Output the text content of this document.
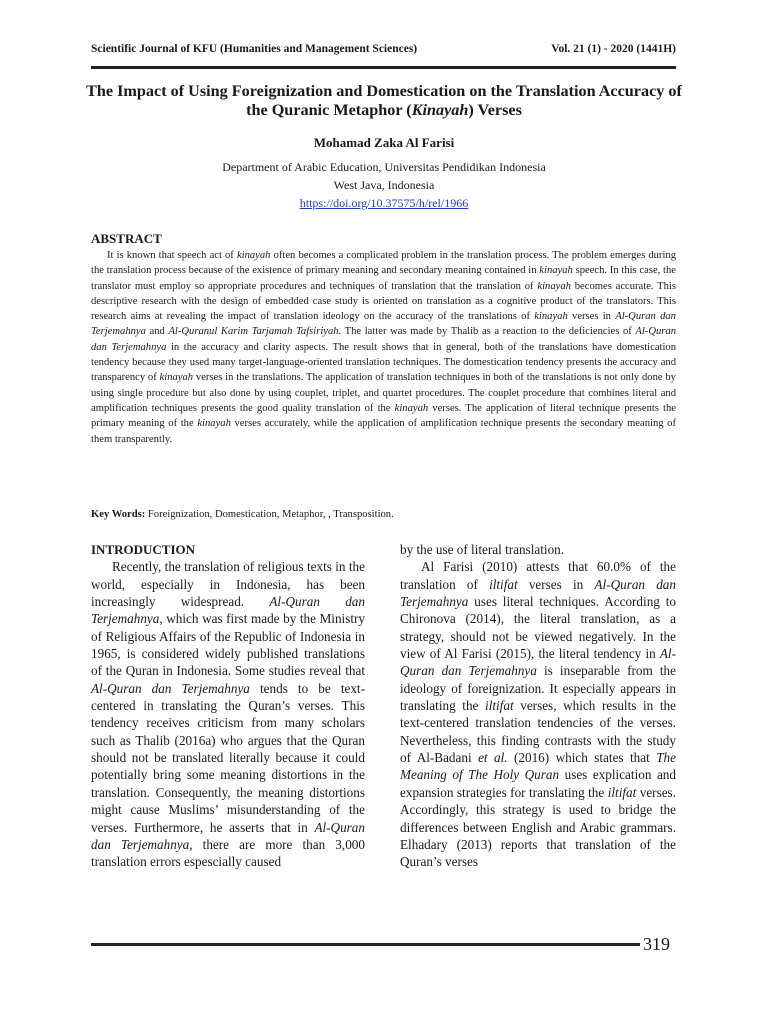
Scientific Journal of KFU (Humanities and Management Sciences)	Vol. 21 (1) - 2020 (1441H)
The Impact of Using Foreignization and Domestication on the Translation Accuracy of the Quranic Metaphor (Kinayah) Verses
Mohamad Zaka Al Farisi
Department of Arabic Education, Universitas Pendidikan Indonesia
West Java, Indonesia
https://doi.org/10.37575/h/rel/1966
ABSTRACT

It is known that speech act of kinayah often becomes a complicated problem in the translation process. The problem emerges during the translation process because of the existence of primary meaning and secondary meaning contained in kinayah speech. In this case, the translator must employ so appropriate procedures and techniques of translation that the translation of kinayah becomes accurate. This descriptive research with the design of embedded case study is oriented on translation as a cognitive product of the translators. This research aims at revealing the impact of translation ideology on the accuracy of the translations of kinayah verses in Al-Quran dan Terjemahnya and Al-Quranul Karim Tarjamah Tafsiriyah. The latter was made by Thalib as a reaction to the deficiencies of Al-Quran dan Terjemahnya in the accuracy and clarity aspects. The result shows that in general, both of the translations have domestication tendency because they used many target-language-oriented translation techniques. The domestication tendency presents the accuracy and transparency of kinayah verses in the translations. The application of translation techniques in both of the translations is not only done by using single procedure but also done by using couplet, triplet, and quartet procedures. The couplet procedure that combines literal and amplification techniques presents the good quality translation of the kinayah verses. The application of literal technique presents the primary meaning of the kinayah verses accurately, while the application of amplification technique presents the secondary meaning of them transparently.

Key Words: Foreignization, Domestication, Metaphor, , Transposition.
INTRODUCTION

Recently, the translation of religious texts in the world, especially in Indonesia, has been increasingly widespread. Al-Quran dan Terjemahnya, which was first made by the Ministry of Religious Affairs of the Republic of Indonesia in 1965, is considered widely published translations of the Quran in Indonesia. Some studies reveal that Al-Quran dan Terjemahnya tends to be text-centered in translating the Quran’s verses. This tendency receives criticism from many scholars such as Thalib (2016a) who argues that the Quran should not be translated literally because it could potentially bring some meaning distortions in the translation. Consequently, the meaning distortions might cause Muslims’ misunderstanding of the verses. Furthermore, he asserts that in Al-Quran dan Terjemahnya, there are more than 3,000 translation errors espescially caused

by the use of literal translation.

Al Farisi (2010) attests that 60.0% of the translation of iltifat verses in Al-Quran dan Terjemahnya uses literal techniques. According to Chironova (2014), the literal translation, as a strategy, should not be viewed negatively. In the view of Al Farisi (2015), the literal tendency in Al-Quran dan Terjemahnya is inseparable from the ideology of foreignization. It especially appears in translating the iltifat verses, which results in the text-centered translation tendencies of the verses. Nevertheless, this finding contrasts with the study of Al-Badani et al. (2016) which states that The Meaning of The Holy Quran uses explication and expansion strategies for translating the iltifat verses. Accordingly, this strategy is used to bridge the differences between English and Arabic grammars. Elhadary (2013) reports that translation of the Quran’s verses

319
